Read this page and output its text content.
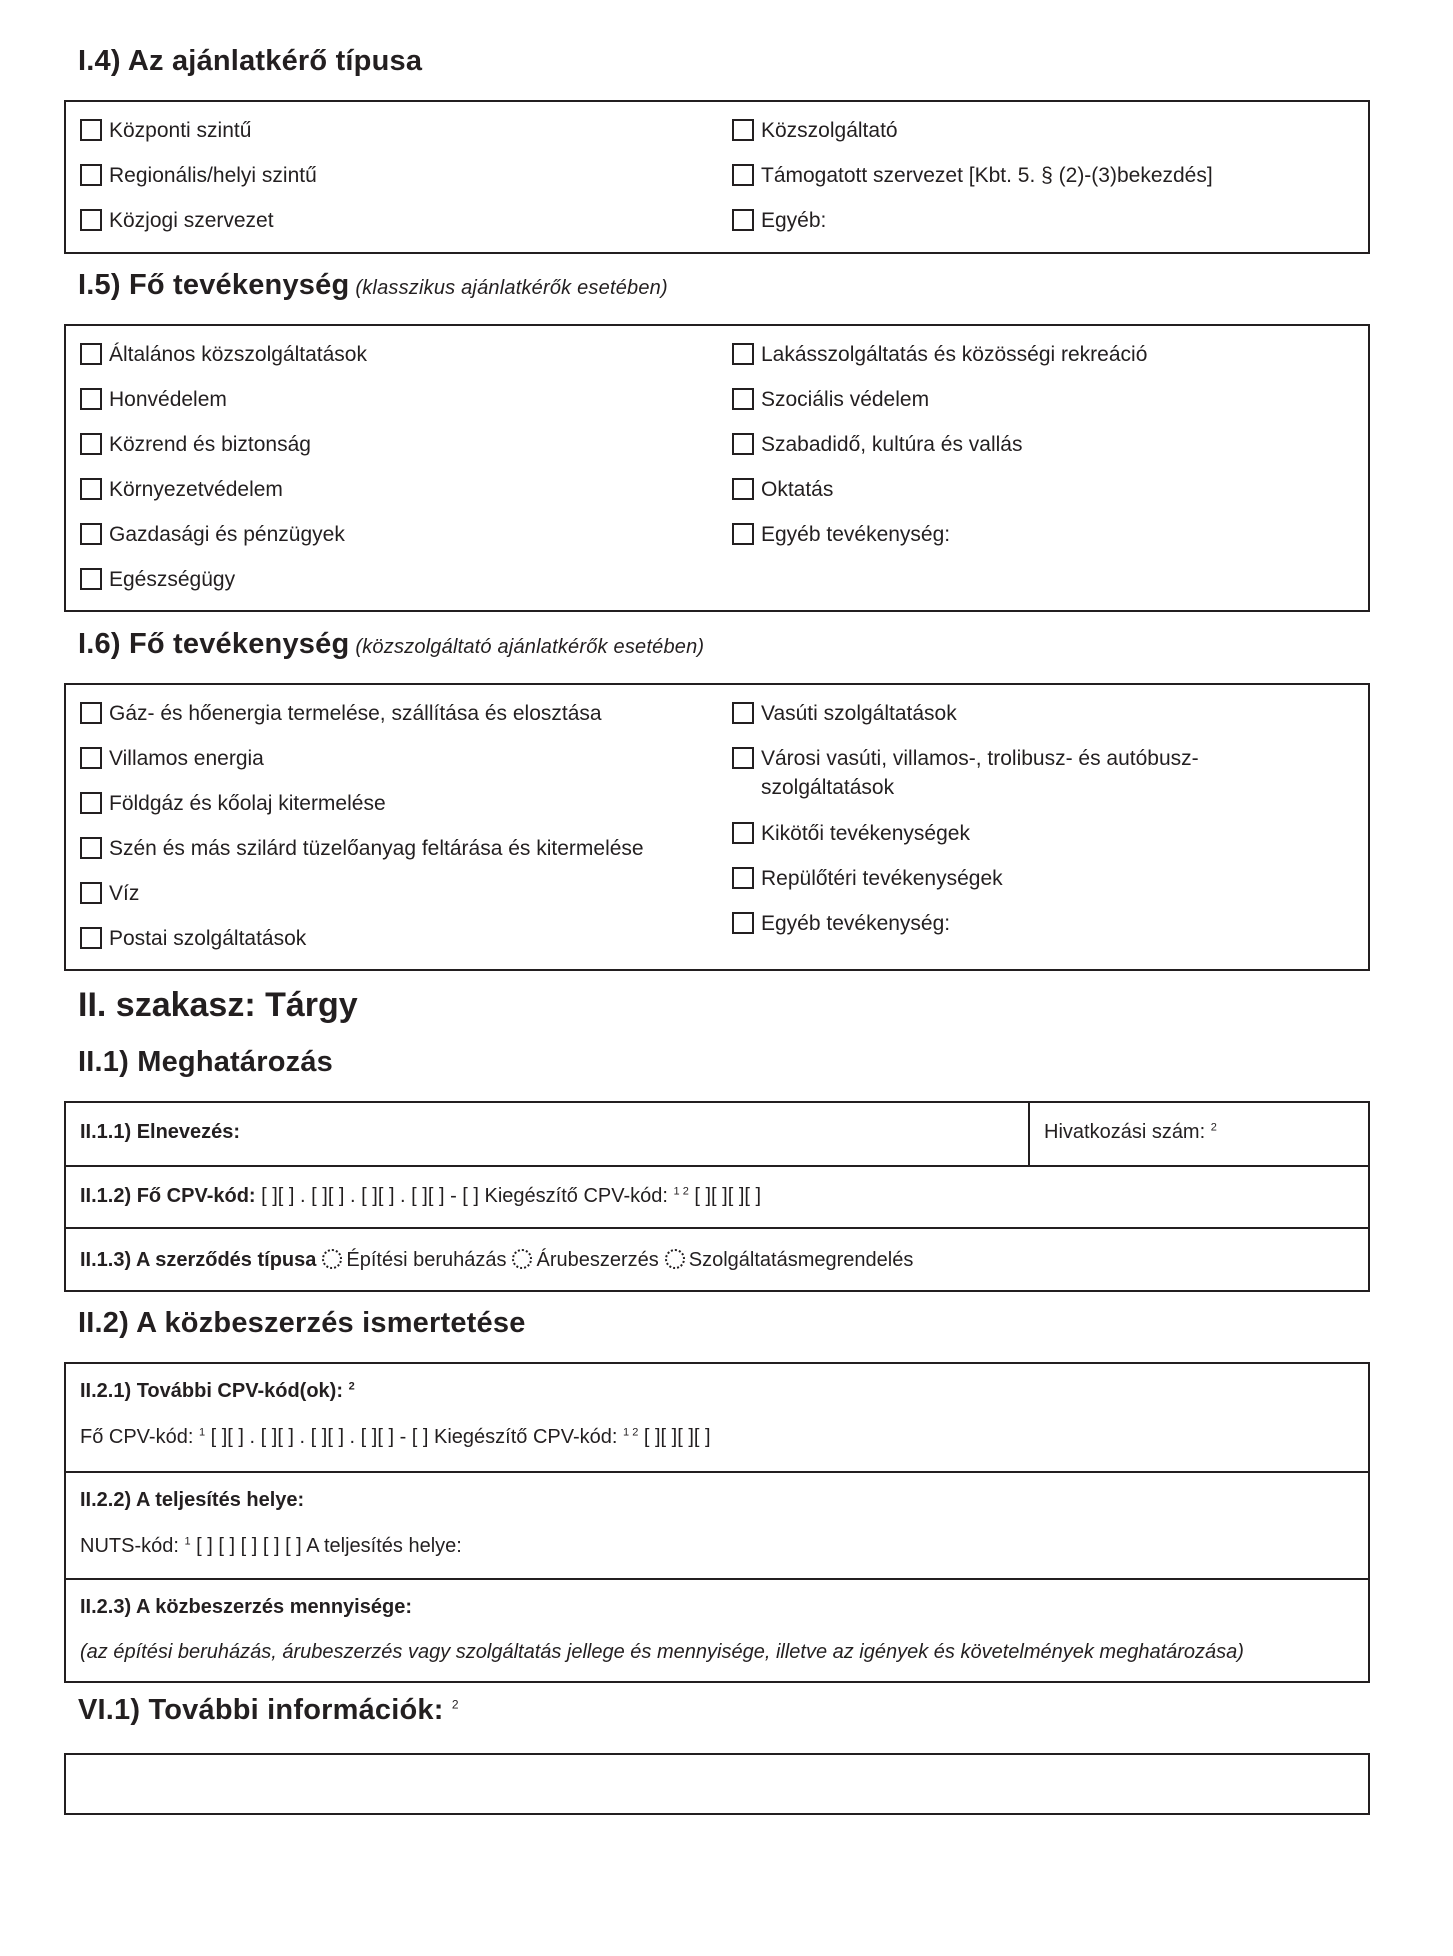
I.4) Az ajánlatkérő típusa
Központi szintű
Regionális/helyi szintű
Közjogi szervezet
Közszolgáltató
Támogatott szervezet [Kbt. 5. § (2)-(3)bekezdés]
Egyéb:
I.5) Fő tevékenység (klasszikus ajánlatkérők esetében)
Általános közszolgáltatások
Honvédelem
Közrend és biztonság
Környezetvédelem
Gazdasági és pénzügyek
Egészségügy
Lakásszolgáltatás és közösségi rekreáció
Szociális védelem
Szabadidő, kultúra és vallás
Oktatás
Egyéb tevékenység:
I.6) Fő tevékenység (közszolgáltató ajánlatkérők esetében)
Gáz- és hőenergia termelése, szállítása és elosztása
Villamos energia
Földgáz és kőolaj kitermelése
Szén és más szilárd tüzelőanyag feltárása és kitermelése
Víz
Postai szolgáltatások
Vasúti szolgáltatások
Városi vasúti, villamos-, trolibusz- és autóbusz-szolgáltatások
Kikötői tevékenységek
Repülőtéri tevékenységek
Egyéb tevékenység:
II. szakasz: Tárgy
II.1) Meghatározás
II.1.1) Elnevezés:	Hivatkozási szám: $^2$
II.1.2) Fő CPV-kód: [ ][ ] . [ ][ ] . [ ][ ] . [ ][ ] - [ ] Kiegészítő CPV-kód: $^{1 2}$ [ ][ ][ ][ ]
II.1.3) A szerződés típusa Építési beruházás Árubeszerzés Szolgáltatásmegrendelés
II.2) A közbeszerzés ismertetése
II.2.1) További CPV-kód(ok): $^2$
Fő CPV-kód: $^1$ [ ][ ] . [ ][ ] . [ ][ ] . [ ][ ] - [ ] Kiegészítő CPV-kód: $^{1 2}$ [ ][ ][ ][ ]
II.2.2) A teljesítés helye:
NUTS-kód: $^1$ [ ] [ ] [ ] [ ] [ ] A teljesítés helye:
II.2.3) A közbeszerzés mennyisége:
(az építési beruházás, árubeszerzés vagy szolgáltatás jellege és mennyisége, illetve az igények és követelmények meghatározása)
VI.1) További információk: $^2$
